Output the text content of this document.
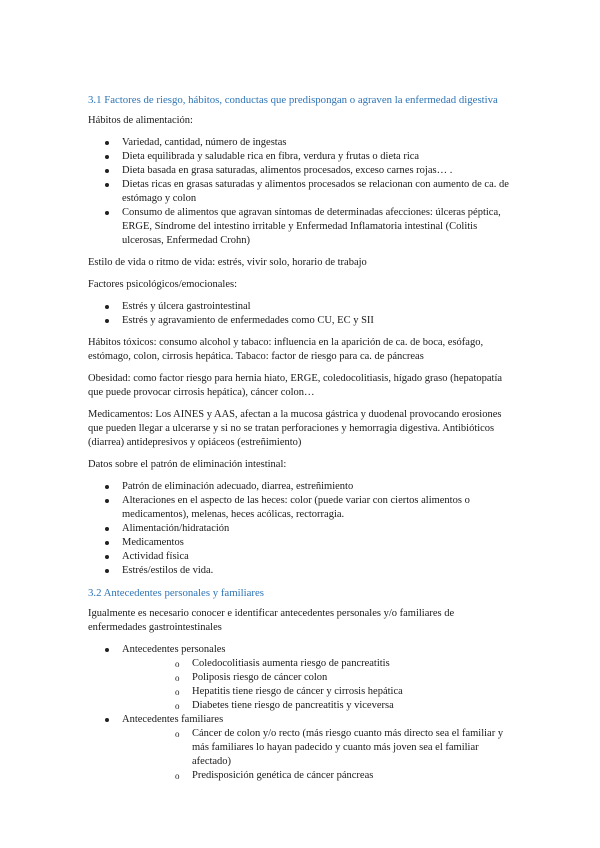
3.1 Factores de riesgo, hábitos, conductas que predispongan o agraven la enfermedad digestiva

Hábitos de alimentación:

Variedad, cantidad, número de ingestas
Dieta equilibrada y saludable rica en fibra, verdura y frutas o dieta rica
Dieta basada en grasa saturadas, alimentos procesados, exceso carnes rojas… .
Dietas ricas en grasas saturadas y alimentos procesados se relacionan con aumento de ca. de estómago y colon
Consumo de alimentos que agravan síntomas de determinadas afecciones: úlceras péptica, ERGE, Síndrome del intestino irritable y Enfermedad Inflamatoria intestinal (Colitis ulcerosas, Enfermedad Crohn)

Estilo de vida o ritmo de vida: estrés, vivir solo, horario de trabajo

Factores psicológicos/emocionales:

Estrés y úlcera gastrointestinal
Estrés y agravamiento de enfermedades como CU, EC y SII

Hábitos tóxicos: consumo alcohol y tabaco: influencia en la aparición de ca. de boca, esófago, estómago, colon, cirrosis hepática. Tabaco: factor de riesgo para ca. de páncreas

Obesidad: como factor riesgo para hernia hiato, ERGE, coledocolitiasis, hígado graso (hepatopatía que puede provocar cirrosis hepática), cáncer colon…

Medicamentos: Los AINES y AAS, afectan a la mucosa gástrica y duodenal provocando erosiones que pueden llegar a ulcerarse y si no se tratan perforaciones y hemorragia digestiva. Antibióticos (diarrea) antidepresivos y opiáceos (estreñimiento)

Datos sobre el patrón de eliminación intestinal:

Patrón de eliminación adecuado, diarrea, estreñimiento
Alteraciones en el aspecto de las heces: color (puede variar con ciertos alimentos o medicamentos), melenas, heces acólicas, rectorragia.
Alimentación/hidratación
Medicamentos
Actividad física
Estrés/estilos de vida.
3.2 Antecedentes personales y familiares

Igualmente es necesario conocer e identificar antecedentes personales y/o familiares de enfermedades gastrointestinales

Antecedentes personales
o Coledocolitiasis aumenta riesgo de pancreatitis
o Poliposis riesgo de cáncer colon
o Hepatitis tiene riesgo de cáncer y cirrosis hepática
o Diabetes tiene riesgo de pancreatitis y viceversa
Antecedentes familiares
o Cáncer de colon y/o recto (más riesgo cuanto más directo sea el familiar y más familiares lo hayan padecido y cuanto más joven sea el familiar afectado)
o Predisposición genética de cáncer páncreas
